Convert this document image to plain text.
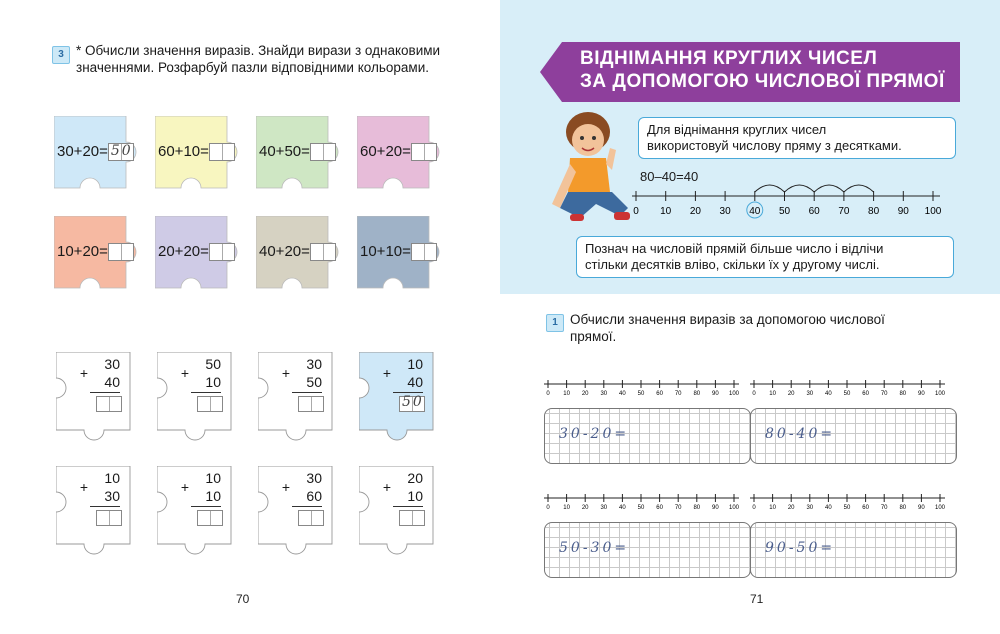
3 * Обчисли значення виразів. Знайди вирази з однаковими
значеннями. Розфарбуй пазли відповідними кольорами.
30+20= 50 60+10=	40+50=	60+20=
10+20=	20+20=	40+20=	10+10=
30
+
40
50
+
10
30
+
50
10
+
40
50
10
+
30
10
+
10
30
+
60
20
+
10
70
ВІДНІМАННЯ КРУГЛИХ ЧИСЕЛ
ЗА ДОПОМОГОЮ ЧИСЛОВОЇ ПРЯМОЇ
Для віднімання круглих чисел
використовуй числову пряму з десятками.
80–40=40
0 10 20 30 40 50 60 70 80 90 100
Познач на числовій прямій більше число і відлічи
стільки десятків вліво, скільки їх у другому числі.
1 Обчисли значення виразів за допомогою числової
прямої.
0 10 20 30 40 50 60 70 80 90 100 0 10 20 30 40 50 60 70 80 90 100
0 10 20 30 40 50 60 70 80 90 100 0 10 20 30 40 50 60 70 80 90 100
30-20=	80-40=
50-30=	90-50=
71
